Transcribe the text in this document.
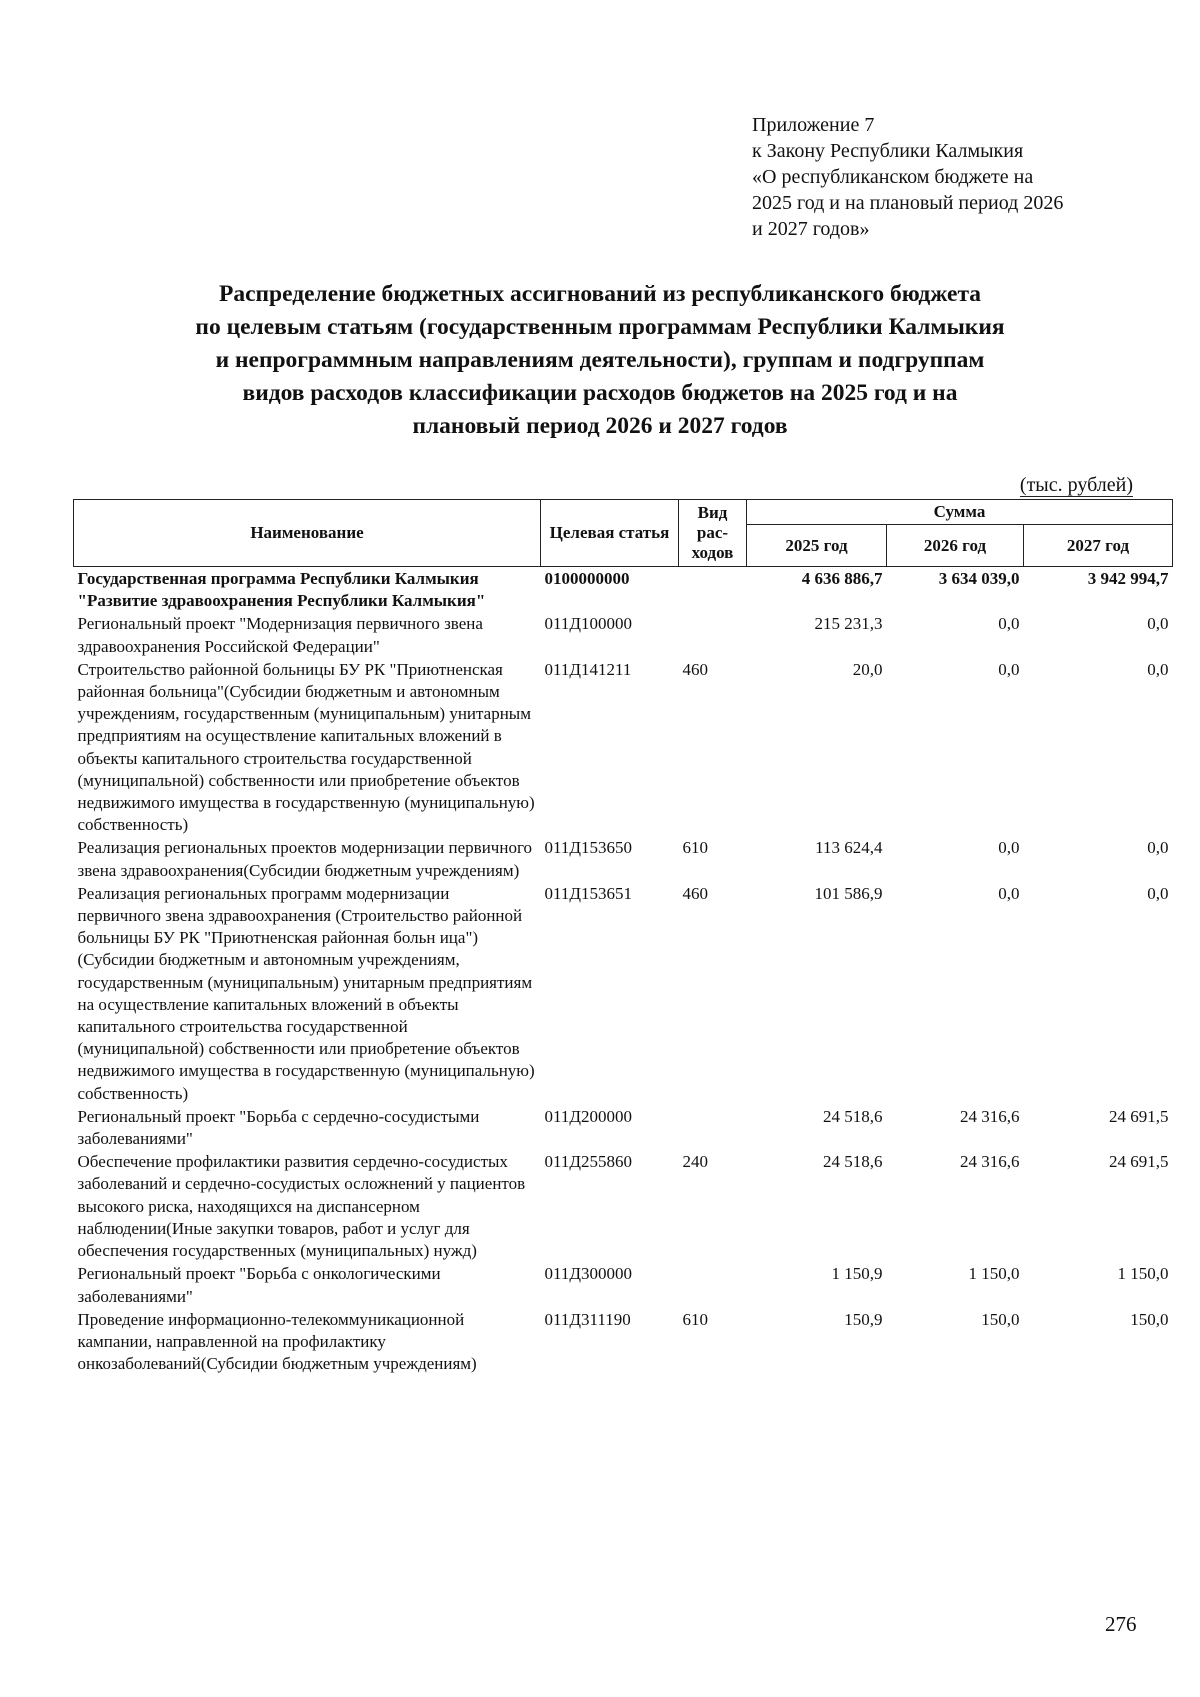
Приложение 7
к Закону Республики Калмыкия
«О республиканском бюджете на
2025 год и на плановый период 2026
и 2027 годов»
Распределение бюджетных ассигнований из республиканского бюджета
по целевым статьям (государственным программам Республики Калмыкия
и непрограммным направлениям деятельности), группам и подгруппам
видов расходов классификации расходов бюджетов на 2025 год и на
плановый период 2026 и 2027 годов
(тыс. рублей)
Наименование	Целевая статья	Вид рас-ходов	Сумма		
			2025 год	2026 год	2027 год
Государственная программа Республики Калмыкия "Развитие здравоохранения Республики Калмыкия"	0100000000		4 636 886,7	3 634 039,0	3 942 994,7
Региональный проект "Модернизация первичного звена здравоохранения Российской Федерации"	011Д100000		215 231,3	0,0	0,0
Строительство районной больницы БУ РК "Приютненская районная больница"(Субсидии бюджетным и автономным учреждениям, государственным (муниципальным) унитарным предприятиям на осуществление капитальных вложений в объекты капитального строительства государственной (муниципальной) собственности или приобретение объектов недвижимого имущества в государственную (муниципальную) собственность)	011Д141211	460	20,0	0,0	0,0
Реализация региональных проектов модернизации первичного звена здравоохранения(Субсидии бюджетным учреждениям)	011Д153650	610	113 624,4	0,0	0,0
Реализация региональных программ модернизации первичного звена здравоохранения (Строительство районной больницы БУ РК "Приютненская районная больн ица")(Субсидии бюджетным и автономным учреждениям, государственным (муниципальным) унитарным предприятиям на осуществление капитальных вложений в объекты капитального строительства государственной (муниципальной) собственности или приобретение объектов недвижимого имущества в государственную (муниципальную) собственность)	011Д153651	460	101 586,9	0,0	0,0
Региональный проект "Борьба с сердечно-сосудистыми заболеваниями"	011Д200000		24 518,6	24 316,6	24 691,5
Обеспечение профилактики развития сердечно-сосудистых заболеваний и сердечно-сосудистых осложнений у пациентов высокого риска, находящихся на диспансерном наблюдении(Иные закупки товаров, работ и услуг для обеспечения государственных (муниципальных) нужд)	011Д255860	240	24 518,6	24 316,6	24 691,5
Региональный проект "Борьба с онкологическими заболеваниями"	011Д300000		1 150,9	1 150,0	1 150,0
Проведение информационно-телекоммуникационной кампании, направленной на профилактику онкозаболеваний(Субсидии бюджетным учреждениям)	011Д311190	610	150,9	150,0	150,0
276
